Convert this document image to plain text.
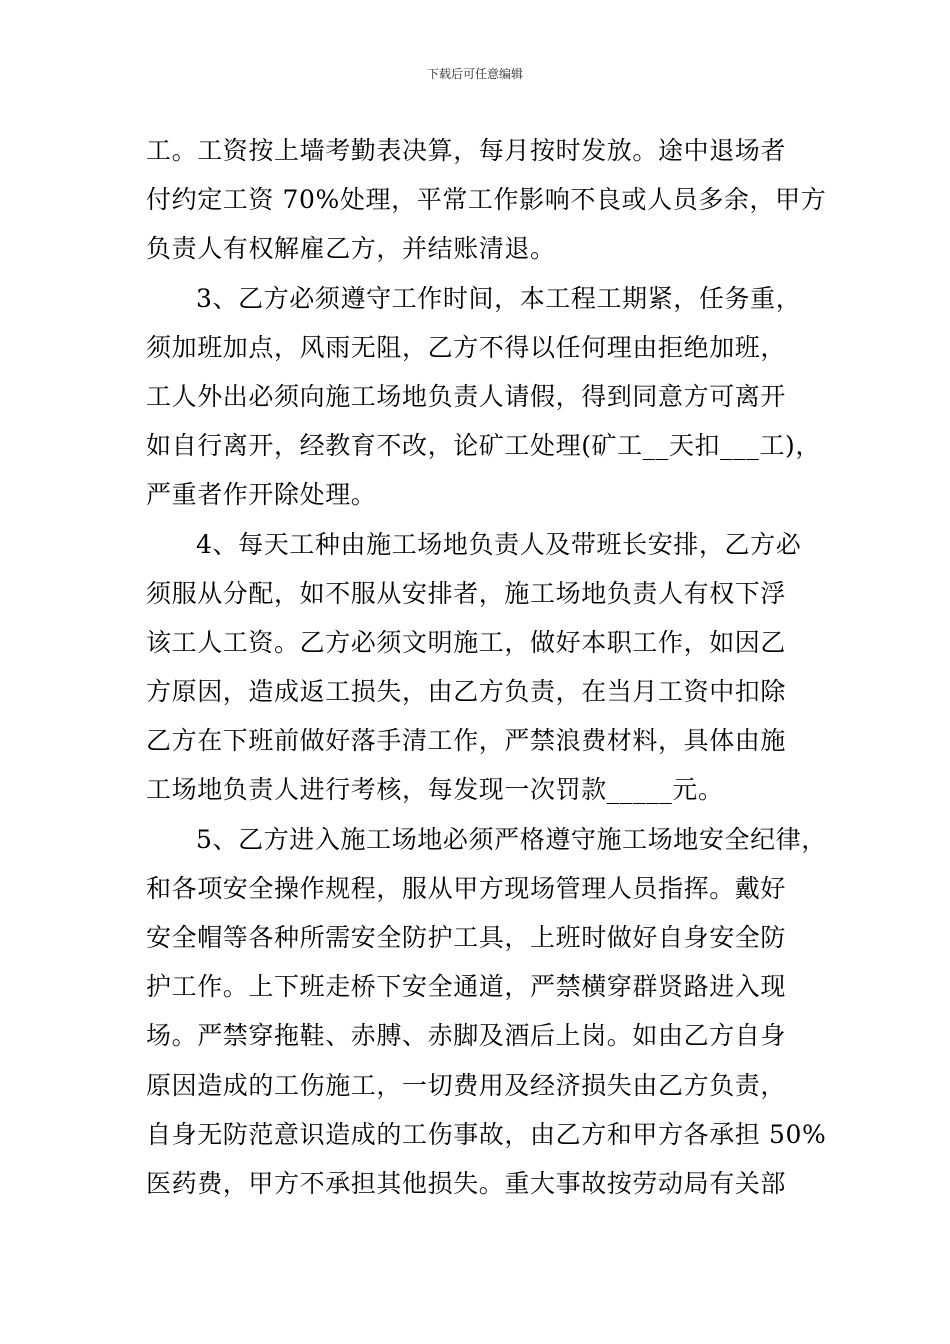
下载后可任意编辑
工。工资按上墙考勤表决算，每月按时发放。途中退场者
付约定工资 70%处理，平常工作影响不良或人员多余，甲方
负责人有权解雇乙方，并结账清退。
3、乙方必须遵守工作时间，本工程工期紧，任务重，
须加班加点，风雨无阻，乙方不得以任何理由拒绝加班，
工人外出必须向施工场地负责人请假，得到同意方可离开
如自行离开，经教育不改，论矿工处理(矿工__天扣___工)，
严重者作开除处理。
4、每天工种由施工场地负责人及带班长安排，乙方必
须服从分配，如不服从安排者，施工场地负责人有权下浮
该工人工资。乙方必须文明施工，做好本职工作，如因乙
方原因，造成返工损失，由乙方负责，在当月工资中扣除
乙方在下班前做好落手清工作，严禁浪费材料，具体由施
工场地负责人进行考核，每发现一次罚款_____元。
5、乙方进入施工场地必须严格遵守施工场地安全纪律，
和各项安全操作规程，服从甲方现场管理人员指挥。戴好
安全帽等各种所需安全防护工具，上班时做好自身安全防
护工作。上下班走桥下安全通道，严禁横穿群贤路进入现
场。严禁穿拖鞋、赤膊、赤脚及酒后上岗。如由乙方自身
原因造成的工伤施工，一切费用及经济损失由乙方负责，
自身无防范意识造成的工伤事故，由乙方和甲方各承担 50%
医药费，甲方不承担其他损失。重大事故按劳动局有关部
